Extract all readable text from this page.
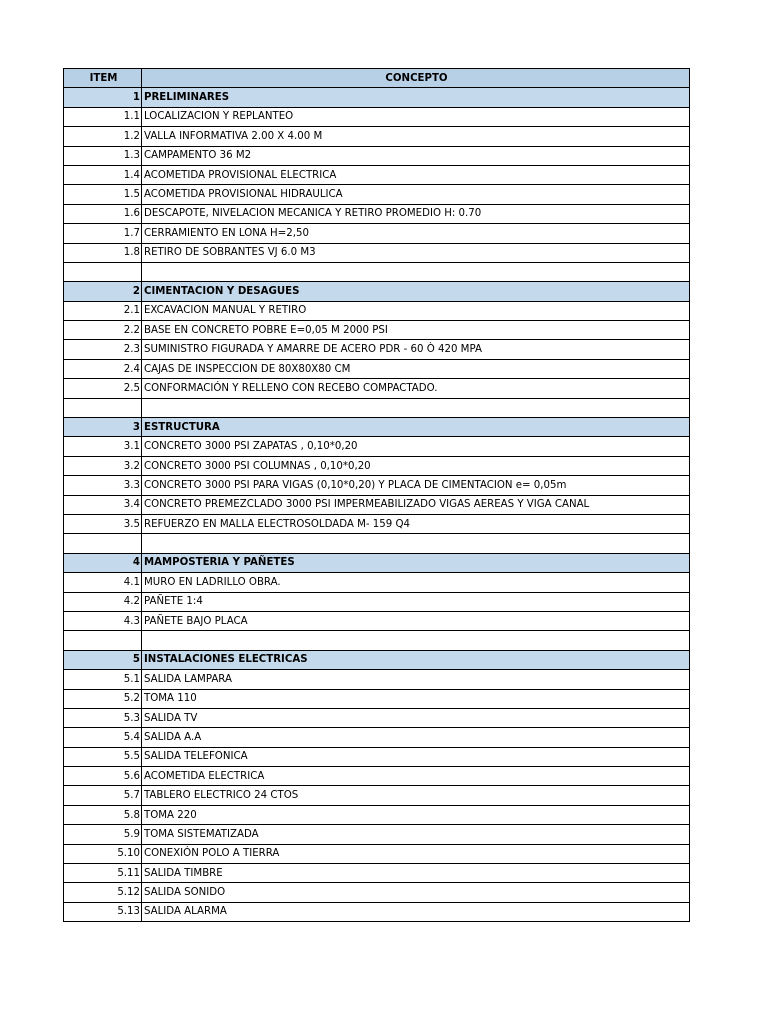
ITEM	CONCEPTO
1	PRELIMINARES
1.1	LOCALIZACION Y REPLANTEO
1.2	VALLA INFORMATIVA 2.00 X 4.00 M
1.3	CAMPAMENTO 36 M2
1.4	ACOMETIDA PROVISIONAL ELECTRICA
1.5	ACOMETIDA PROVISIONAL HIDRAULICA
1.6	DESCAPOTE, NIVELACION MECANICA Y RETIRO PROMEDIO H: 0.70
1.7	CERRAMIENTO EN LONA H=2,50
1.8	RETIRO DE SOBRANTES VJ 6.0 M3

2	CIMENTACION Y DESAGUES
2.1	EXCAVACION MANUAL Y RETIRO
2.2	BASE EN CONCRETO POBRE E=0,05 M 2000 PSI
2.3	SUMINISTRO FIGURADA Y AMARRE DE ACERO PDR - 60 Ò 420 MPA
2.4	CAJAS DE INSPECCION DE 80X80X80 CM
2.5	CONFORMACIÓN Y RELLENO CON RECEBO COMPACTADO.

3	ESTRUCTURA
3.1	CONCRETO 3000 PSI ZAPATAS , 0,10*0,20
3.2	CONCRETO 3000 PSI COLUMNAS , 0,10*0,20
3.3	CONCRETO 3000 PSI PARA VIGAS (0,10*0,20) Y PLACA DE CIMENTACION e= 0,05m
3.4	CONCRETO PREMEZCLADO 3000 PSI IMPERMEABILIZADO VIGAS AEREAS Y VIGA CANAL
3.5	REFUERZO EN MALLA ELECTROSOLDADA M- 159 Q4

4	MAMPOSTERIA Y PAÑETES
4.1	MURO EN LADRILLO OBRA.
4.2	PAÑETE 1:4
4.3	PAÑETE BAJO PLACA

5	INSTALACIONES ELECTRICAS
5.1	SALIDA LAMPARA
5.2	TOMA 110
5.3	SALIDA TV
5.4	SALIDA A.A
5.5	SALIDA TELEFONICA
5.6	ACOMETIDA ELECTRICA
5.7	TABLERO ELECTRICO 24 CTOS
5.8	TOMA 220
5.9	TOMA SISTEMATIZADA
5.10	CONEXIÓN POLO A TIERRA
5.11	SALIDA TIMBRE
5.12	SALIDA SONIDO
5.13	SALIDA ALARMA
